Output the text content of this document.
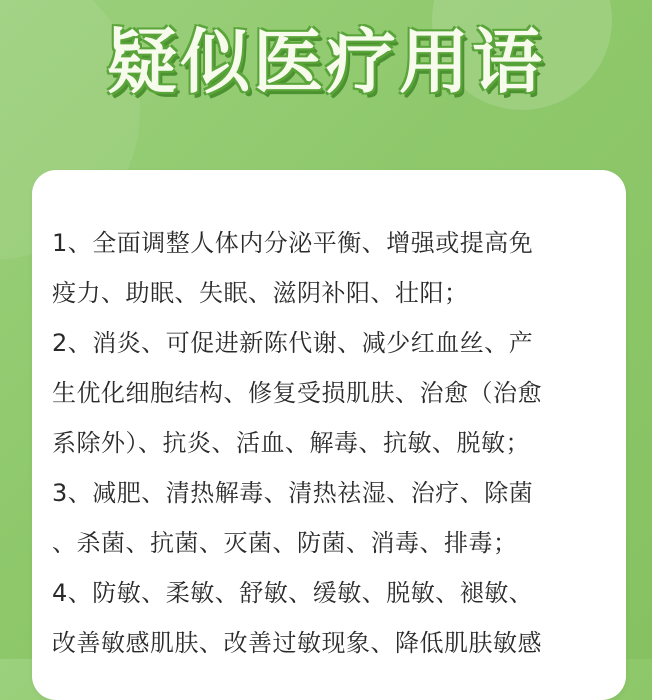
疑似医疗用语
1、全面调整人体内分泌平衡、增强或提高免
疫力、助眠、失眠、滋阴补阳、壮阳；
2、消炎、可促进新陈代谢、减少红血丝、产
生优化细胞结构、修复受损肌肤、治愈（治愈
系除外）、抗炎、活血、解毒、抗敏、脱敏；
3、减肥、清热解毒、清热祛湿、治疗、除菌
、杀菌、抗菌、灭菌、防菌、消毒、排毒；
4、防敏、柔敏、舒敏、缓敏、脱敏、褪敏、
改善敏感肌肤、改善过敏现象、降低肌肤敏感
